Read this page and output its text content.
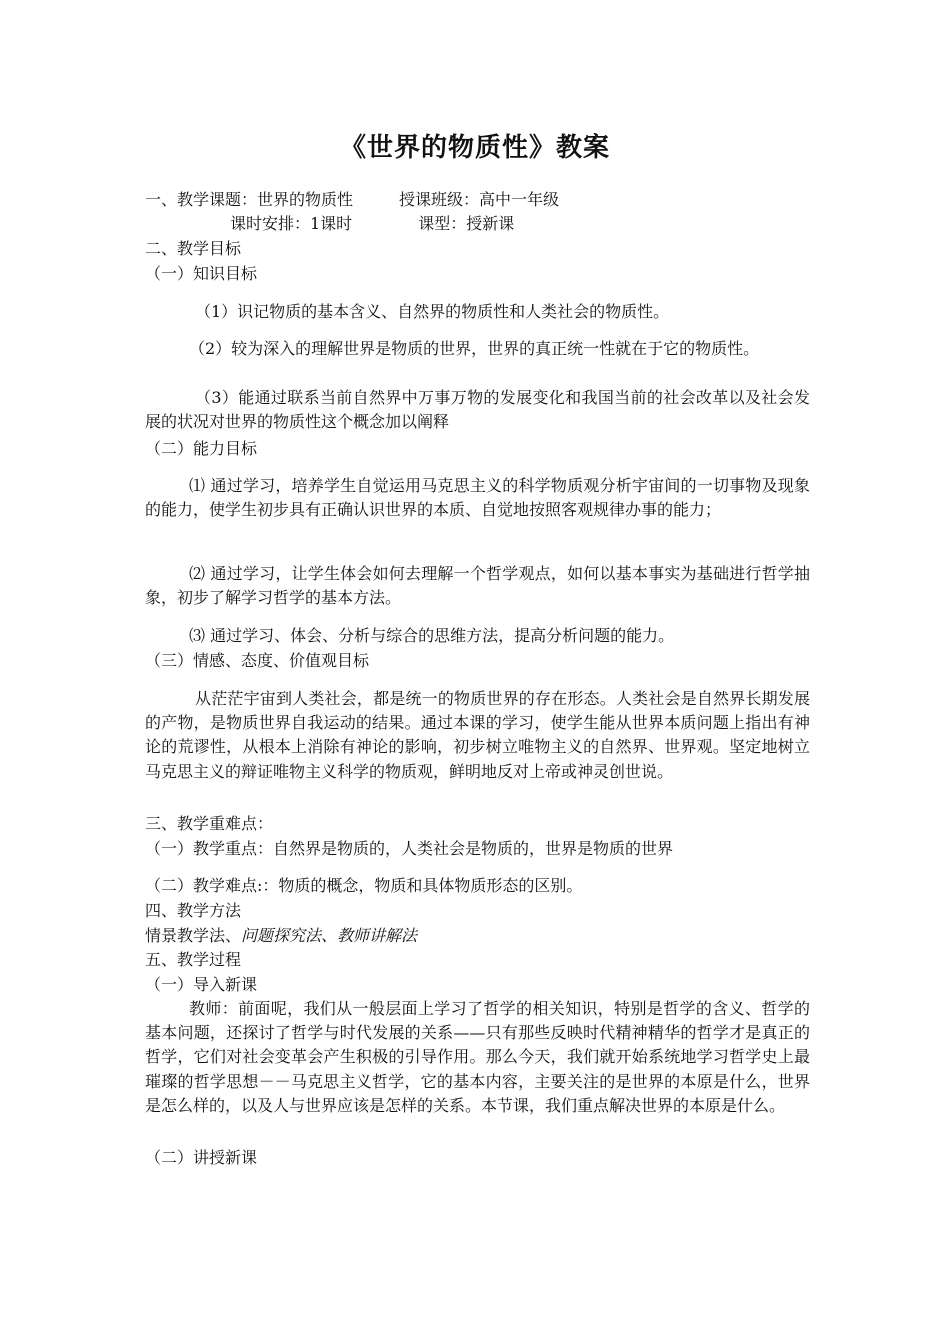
《世界的物质性》教案
一、教学课题：世界的物质性	授课班级：高中一年级
课时安排：1课时	课型：授新课
二、教学目标
（一）知识目标
（1）识记物质的基本含义、自然界的物质性和人类社会的物质性。
（2）较为深入的理解世界是物质的世界，世界的真正统一性就在于它的物质性。
（3）能通过联系当前自然界中万事万物的发展变化和我国当前的社会改革以及社会发展的状况对世界的物质性这个概念加以阐释
（二）能力目标
⑴ 通过学习，培养学生自觉运用马克思主义的科学物质观分析宇宙间的一切事物及现象的能力，使学生初步具有正确认识世界的本质、自觉地按照客观规律办事的能力；
⑵ 通过学习，让学生体会如何去理解一个哲学观点，如何以基本事实为基础进行哲学抽象，初步了解学习哲学的基本方法。
⑶ 通过学习、体会、分析与综合的思维方法，提高分析问题的能力。
（三）情感、态度、价值观目标
从茫茫宇宙到人类社会，都是统一的物质世界的存在形态。人类社会是自然界长期发展的产物，是物质世界自我运动的结果。通过本课的学习，使学生能从世界本质问题上指出有神论的荒谬性，从根本上消除有神论的影响，初步树立唯物主义的自然界、世界观。坚定地树立马克思主义的辩证唯物主义科学的物质观，鲜明地反对上帝或神灵创世说。
三、教学重难点：
（一）教学重点：自然界是物质的，人类社会是物质的，世界是物质的世界
（二）教学难点:：物质的概念，物质和具体物质形态的区别。
四、教学方法
情景教学法、问题探究法、教师讲解法
五、教学过程
（一）导入新课
教师：前面呢，我们从一般层面上学习了哲学的相关知识，特别是哲学的含义、哲学的基本问题，还探讨了哲学与时代发展的关系——只有那些反映时代精神精华的哲学才是真正的哲学，它们对社会变革会产生积极的引导作用。那么今天，我们就开始系统地学习哲学史上最璀璨的哲学思想－－马克思主义哲学，它的基本内容，主要关注的是世界的本原是什么，世界是怎么样的，以及人与世界应该是怎样的关系。本节课，我们重点解决世界的本原是什么。
（二）讲授新课
